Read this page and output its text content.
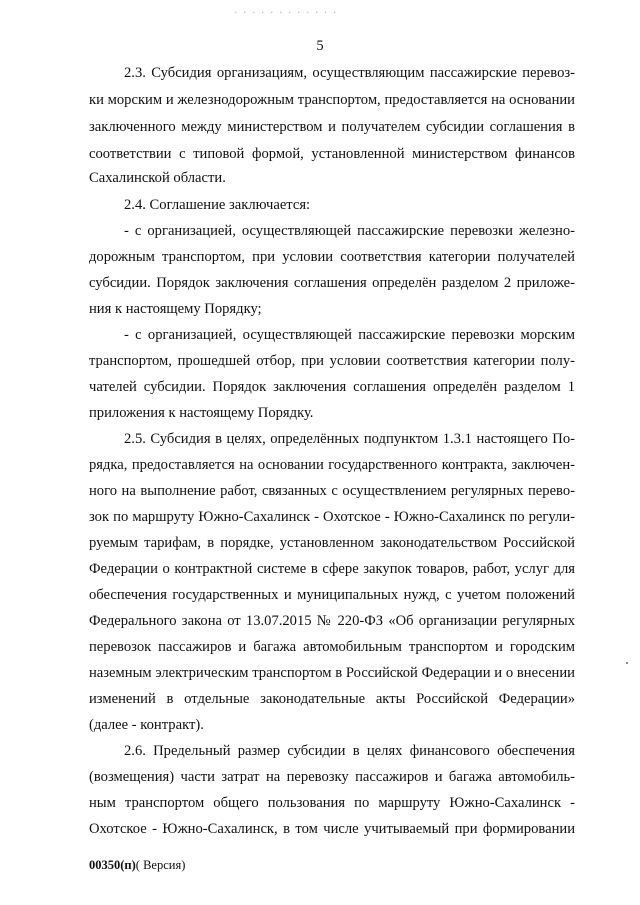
· · · · · · · · · · · ·
5
2.3. Субсидия организациям, осуществляющим пассажирские перевоз-
ки морским и железнодорожным транспортом, предоставляется на основании
заключенного между министерством и получателем субсидии соглашения в
соответствии с типовой формой, установленной министерством финансов
Сахалинской области.
2.4. Соглашение заключается:
- с организацией, осуществляющей пассажирские перевозки железно-
дорожным транспортом, при условии соответствия категории получателей
субсидии. Порядок заключения соглашения определён разделом 2 приложе-
ния к настоящему Порядку;
- с организацией, осуществляющей пассажирские перевозки морским
транспортом, прошедшей отбор, при условии соответствия категории полу-
чателей субсидии. Порядок заключения соглашения определён разделом 1
приложения к настоящему Порядку.
2.5. Субсидия в целях, определённых подпунктом 1.3.1 настоящего По-
рядка, предоставляется на основании государственного контракта, заключен-
ного на выполнение работ, связанных с осуществлением регулярных перево-
зок по маршруту Южно-Сахалинск - Охотское - Южно-Сахалинск по регули-
руемым тарифам, в порядке, установленном законодательством Российской
Федерации о контрактной системе в сфере закупок товаров, работ, услуг для
обеспечения государственных и муниципальных нужд, с учетом положений
Федерального закона от 13.07.2015 № 220-ФЗ «Об организации регулярных
перевозок пассажиров и багажа автомобильным транспортом и городским
наземным электрическим транспортом в Российской Федерации и о внесении
изменений в отдельные законодательные акты Российской Федерации»
(далее - контракт).
2.6. Предельный размер субсидии в целях финансового обеспечения
(возмещения) части затрат на перевозку пассажиров и багажа автомобиль-
ным транспортом общего пользования по маршруту Южно-Сахалинск -
Охотское - Южно-Сахалинск, в том числе учитываемый при формировании
00350(п)( Версия)
